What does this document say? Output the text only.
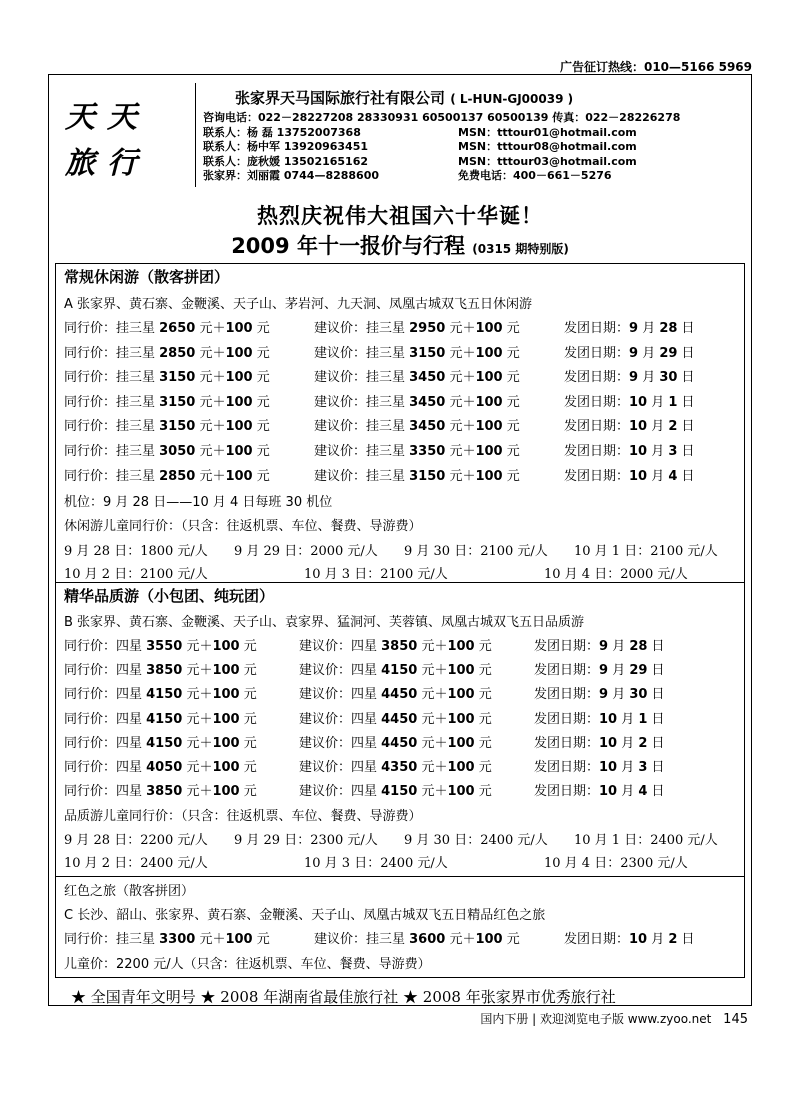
广告征订热线：010—5166 5969
天天
旅行
张家界天马国际旅行社有限公司 ( L-HUN-GJ00039 )
咨询电话：022－28227208 28330931 60500137 60500139 传真：022－28226278
联系人：杨 磊 13752007368	MSN：tttour01@hotmail.com
联系人：杨中军 13920963451	MSN：tttour08@hotmail.com
联系人：庞秋媛 13502165162	MSN：tttour03@hotmail.com
张家界：刘丽霞 0744—8288600	免费电话：400－661－5276
热烈庆祝伟大祖国六十华诞！
2009 年十一报价与行程 (0315 期特别版)
常规休闲游（散客拼团）
A 张家界、黄石寨、金鞭溪、天子山、茅岩河、九天洞、凤凰古城双飞五日休闲游
同行价：挂三星 2650 元＋100 元	建议价：挂三星 2950 元＋100 元	发团日期：9 月 28 日
同行价：挂三星 2850 元＋100 元	建议价：挂三星 3150 元＋100 元	发团日期：9 月 29 日
同行价：挂三星 3150 元＋100 元	建议价：挂三星 3450 元＋100 元	发团日期：9 月 30 日
同行价：挂三星 3150 元＋100 元	建议价：挂三星 3450 元＋100 元	发团日期：10 月 1 日
同行价：挂三星 3150 元＋100 元	建议价：挂三星 3450 元＋100 元	发团日期：10 月 2 日
同行价：挂三星 3050 元＋100 元	建议价：挂三星 3350 元＋100 元	发团日期：10 月 3 日
同行价：挂三星 2850 元＋100 元	建议价：挂三星 3150 元＋100 元	发团日期：10 月 4 日
机位：9 月 28 日——10 月 4 日每班 30 机位
休闲游儿童同行价：（只含：往返机票、车位、餐费、导游费）
9 月 28 日：1800 元/人 9 月 29 日：2000 元/人 9 月 30 日：2100 元/人 10 月 1 日：2100 元/人
10 月 2 日：2100 元/人	10 月 3 日：2100 元/人	10 月 4 日：2000 元/人
精华品质游（小包团、纯玩团）
B 张家界、黄石寨、金鞭溪、天子山、袁家界、猛洞河、芙蓉镇、凤凰古城双飞五日品质游
同行价：四星 3550 元＋100 元	建议价：四星 3850 元＋100 元	发团日期：9 月 28 日
同行价：四星 3850 元＋100 元	建议价：四星 4150 元＋100 元	发团日期：9 月 29 日
同行价：四星 4150 元＋100 元	建议价：四星 4450 元＋100 元	发团日期：9 月 30 日
同行价：四星 4150 元＋100 元	建议价：四星 4450 元＋100 元	发团日期：10 月 1 日
同行价：四星 4150 元＋100 元	建议价：四星 4450 元＋100 元	发团日期：10 月 2 日
同行价：四星 4050 元＋100 元	建议价：四星 4350 元＋100 元	发团日期：10 月 3 日
同行价：四星 3850 元＋100 元	建议价：四星 4150 元＋100 元	发团日期：10 月 4 日
品质游儿童同行价：（只含：往返机票、车位、餐费、导游费）
9 月 28 日：2200 元/人 9 月 29 日：2300 元/人 9 月 30 日：2400 元/人 10 月 1 日：2400 元/人
10 月 2 日：2400 元/人	10 月 3 日：2400 元/人	10 月 4 日：2300 元/人
红色之旅（散客拼团）
C 长沙、韶山、张家界、黄石寨、金鞭溪、天子山、凤凰古城双飞五日精品红色之旅
同行价：挂三星 3300 元＋100 元	建议价：挂三星 3600 元＋100 元	发团日期：10 月 2 日
儿童价：2200 元/人（只含：往返机票、车位、餐费、导游费）
★ 全国青年文明号 ★ 2008 年湖南省最佳旅行社 ★ 2008 年张家界市优秀旅行社
国内下册 | 欢迎浏览电子版 www.zyoo.net 145
